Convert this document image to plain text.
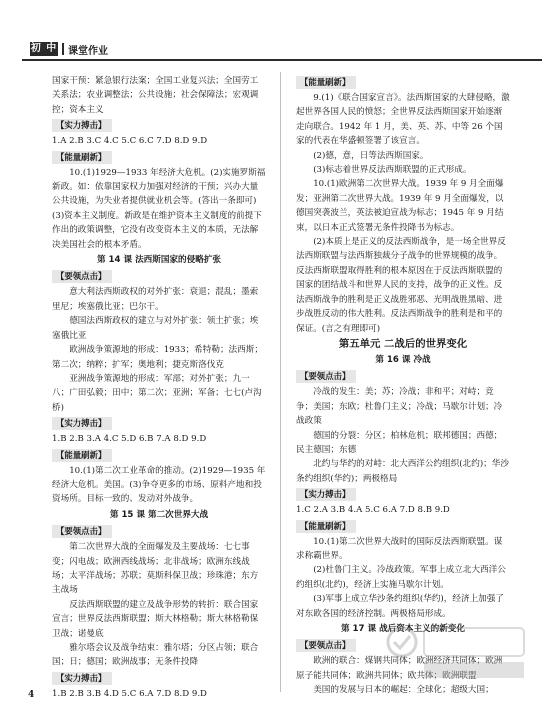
初 中 课堂作业
国家干预：紧急银行法案；全国工业复兴法；全国劳工关系法；农业调整法；公共设施；社会保障法；宏观调控；资本主义
【实力搏击】
1.A 2.B 3.C 4.C 5.C 6.C 7.D 8.D 9.D
【能量刷新】
10.(1)1929—1933 年经济大危机。(2)实施罗斯福新政。如：依靠国家权力加强对经济的干预；兴办大量公共设施，为失业者提供就业机会等。(答出一条即可)(3)资本主义制度。新政是在维护资本主义制度的前提下作出的政策调整，它没有改变资本主义的本质，无法解决美国社会的根本矛盾。
第 14 课 法西斯国家的侵略扩张
【要领点击】
意大利法西斯政权的对外扩张：衰退；混乱；墨索里尼；埃塞俄比亚；巴尔干。
德国法西斯政权的建立与对外扩张：领土扩张；埃塞俄比亚
欧洲战争策源地的形成：1933；希特勒；法西斯；第二次；纳粹；扩军；奥地利；捷克斯洛伐克
亚洲战争策源地的形成：军部；对外扩张；九一八；广田弘毅；田中；第二次；亚洲；军备；七七(卢沟桥)
【实力搏击】
1.B 2.B 3.A 4.C 5.D 6.B 7.A 8.D 9.D
【能量刷新】
10.(1)第二次工业革命的推动。(2)1929—1935 年经济大危机。美国。(3)争夺更多的市场、原料产地和投资场所。目标一致的、发动对外战争。
第 15 课 第二次世界大战
【要领点击】
第二次世界大战的全面爆发及主要战场：七七事变；闪电战；欧洲西线战场；北非战场；欧洲东线战场；太平洋战场；苏联；莫斯科保卫战；珍珠港；东方主战场
反法西斯联盟的建立及战争形势的转折：联合国家宣言；世界反法西斯联盟；斯大林格勒；斯大林格勒保卫战；诺曼底
雅尔塔会议及战争结束：雅尔塔；分区占领；联合国；日；德国；欧洲战事；无条件投降
【实力搏击】
1.B 2.B 3.B 4.D 5.C 6.A 7.D 8.D 9.D
【能量刷新】
9.(1)《联合国家宣言》。法西斯国家的大肆侵略，激起世界各国人民的愤怒；全世界反法西斯国家开始逐渐走向联合。1942 年 1 月，美、英、苏、中等 26 个国家的代表在华盛顿签署了该宣言。
(2)德，意，日等法西斯国家。
(3)标志着世界反法西斯联盟的正式形成。
10.(1)欧洲第二次世界大战。1939 年 9 月全面爆发；亚洲第二次世界大战。1939 年 9 月全面爆发，以德国突袭波兰，英法被迫宣战为标志；1945 年 9 月结束，以日本正式签署无条件投降书为标志。
(2)本质上是正义的反法西斯战争，是一场全世界反法西斯联盟与法西斯独裁分子战争的世界规模的战争。反法西斯联盟取得胜利的根本原因在于反法西斯联盟的国家的团结战斗和世界人民的支持，战争的正义性。反法西斯战争的胜利是正义战胜邪恶、光明战胜黑暗、进步战胜反动的伟大胜利。反法西斯战争的胜利是和平的保证。(言之有理即可)
第五单元 二战后的世界变化
第 16 课 冷战
【要领点击】
冷战的发生：美；苏；冷战；非和平；对峙；竞争；美国；东欧；杜鲁门主义；冷战；马歇尔计划；冷战政策
德国的分裂：分区；柏林危机；联邦德国；西德；民主德国；东德
北约与华约的对峙：北大西洋公约组织(北约)；华沙条约组织(华约)；两极格局
【实力搏击】
1.C 2.A 3.B 4.A 5.C 6.A 7.D 8.B 9.D
【能量刷新】
10.(1)第二次世界大战时的国际反法西斯联盟。谋求称霸世界。
(2)杜鲁门主义。冷战政策。军事上成立北大西洋公约组织(北约)，经济上实施马歇尔计划。
(3)军事上成立华沙条约组织(华约)，经济上加强了对东欧各国的经济控制。两极格局形成。
第 17 课 战后资本主义的新变化
【要领点击】
欧洲的联合：煤钢共同体；欧洲经济共同体；欧洲原子能共同体；欧洲共同体；欧共体；欧洲联盟
美国的发展与日本的崛起：全球化；超级大国；
4
